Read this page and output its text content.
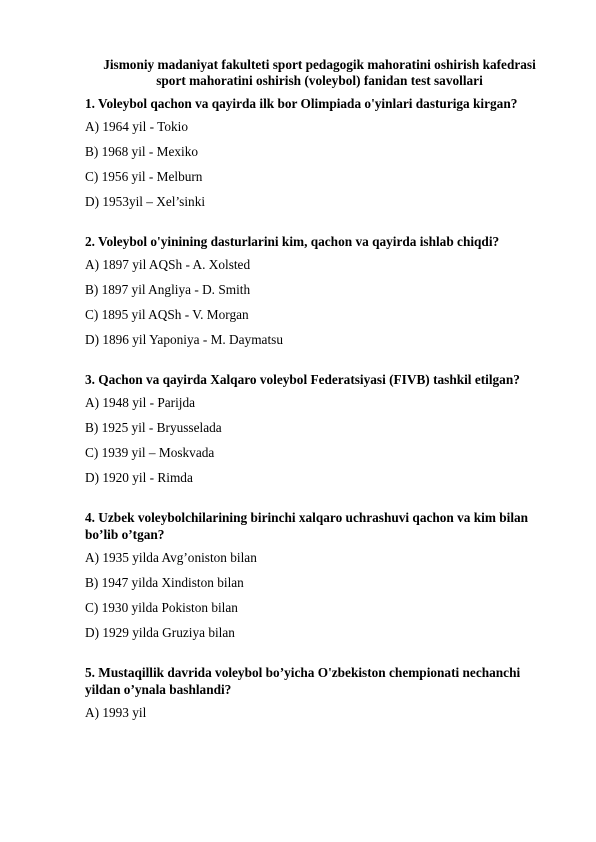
Jismoniy madaniyat fakulteti sport pedagogik mahoratini oshirish kafedrasi
sport mahoratini oshirish (voleybol) fanidan test savollari
1. Voleybol qachon va qayirda ilk bor Olimpiada o'yinlari dasturiga kirgan?
A) 1964 yil - Tokio
B) 1968 yil - Mexiko
C) 1956 yil - Melburn
D) 1953yil – Xel’sinki
2. Voleybol o'yinining dasturlarini kim, qachon va qayirda ishlab chiqdi?
A) 1897 yil AQSh - A. Xolsted
B) 1897 yil Angliya - D. Smith
C) 1895 yil AQSh - V. Morgan
D) 1896 yil Yaponiya - M. Daymatsu
3. Qachon va qayirda Xalqaro voleybol Federatsiyasi (FIVB) tashkil etilgan?
A) 1948 yil - Parijda
B) 1925 yil - Bryusselada
C) 1939 yil – Moskvada
D) 1920 yil - Rimda
4. Uzbek voleybolchilarining birinchi xalqaro uchrashuvi qachon va kim bilan bo’lib o’tgan?
A) 1935 yilda Avg’oniston bilan
B) 1947 yilda Xindiston bilan
C) 1930 yilda Pokiston bilan
D) 1929 yilda Gruziya bilan
5. Mustaqillik davrida voleybol bo’yicha O'zbekiston chempionati nechanchi yildan o’ynala bashlandi?
A) 1993 yil
